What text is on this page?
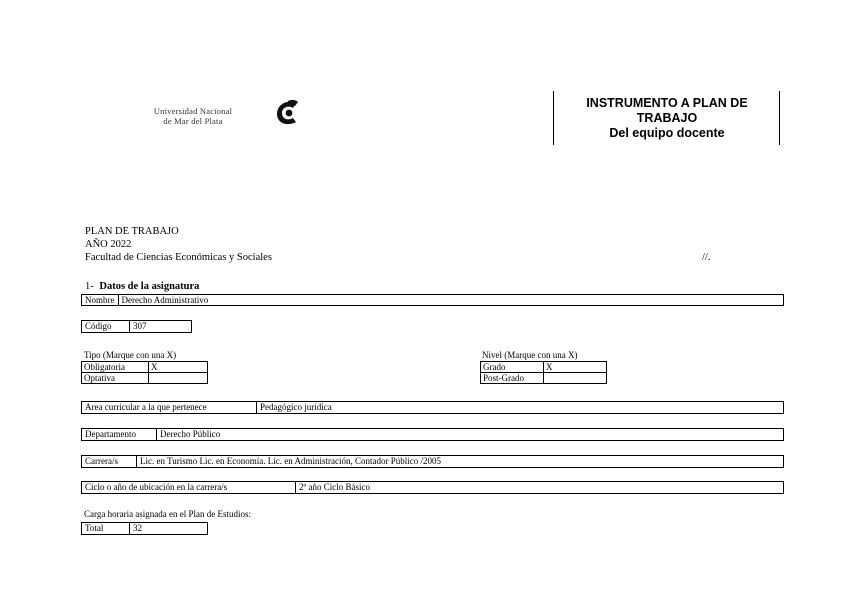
Universidad Nacional
de Mar del Plata
INSTRUMENTO A PLAN DE
TRABAJO
Del equipo docente
PLAN DE TRABAJO
AÑO 2022
Facultad de Ciencias Económicas y Sociales	//.
1- Datos de la asignatura
Nombre Derecho Administrativo
Código	307
Tipo (Marque con una X)
Obligatoria	X
Optativa	
Nivel (Marque con una X)
Grado	X
Post-Grado	
Area curricular a la que pertenece	Pedagógico jurídica
Departamento	Derecho Público
Carrera/s	Lic. en Turismo Lic. en Economía. Lic. en Administración, Contador Público /2005
Ciclo o año de ubicación en la carrera/s	2º año Ciclo Básico
Carga horaria asignada en el Plan de Estudios:
Total	32
